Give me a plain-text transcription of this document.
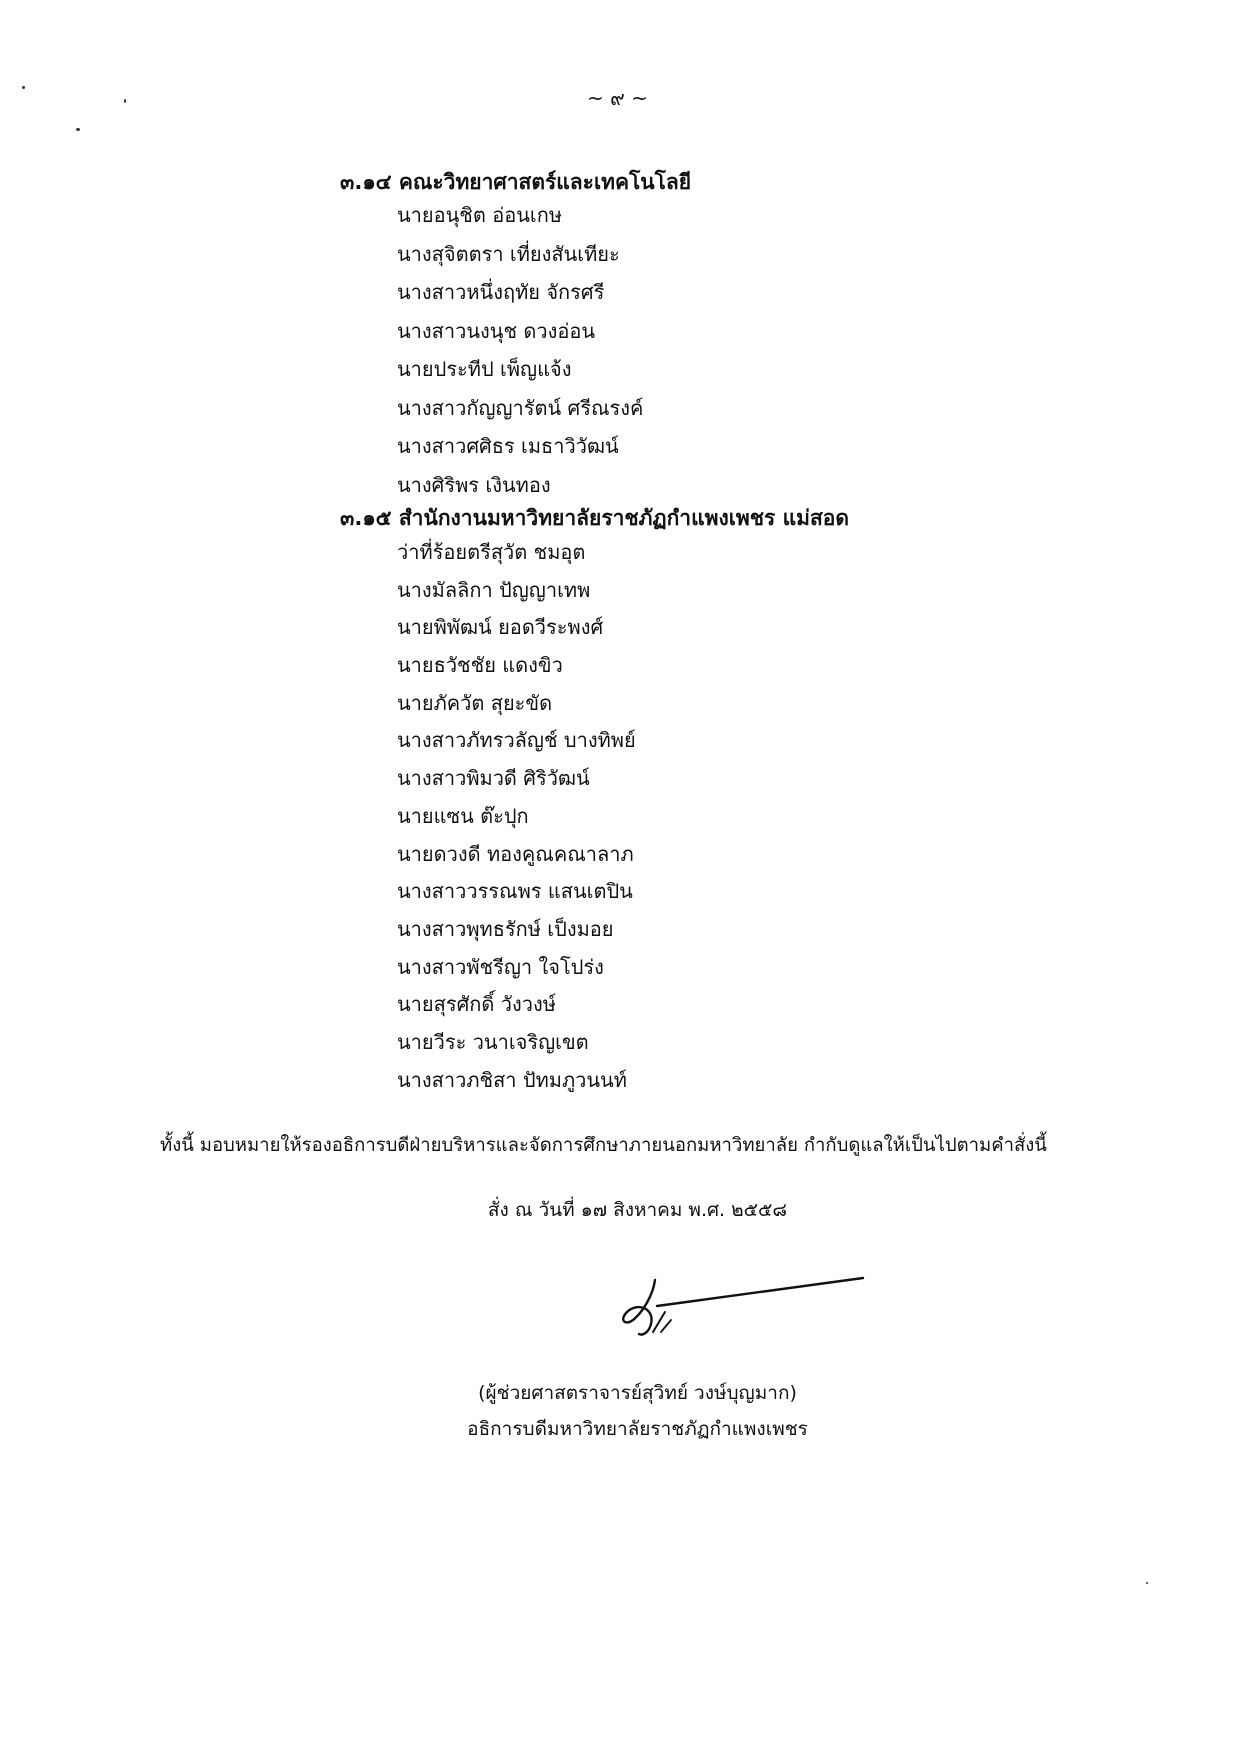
~ ๙ ~
๓.๑๔ คณะวิทยาศาสตร์และเทคโนโลยี
นายอนุชิต อ่อนเกษ
นางสุจิตตรา เที่ยงสันเทียะ
นางสาวหนึ่งฤทัย จักรศรี
นางสาวนงนุช ดวงอ่อน
นายประทีป เพ็ญแจ้ง
นางสาวกัญญารัตน์ ศรีณรงค์
นางสาวศศิธร เมธาวิวัฒน์
นางศิริพร เงินทอง
๓.๑๕ สำนักงานมหาวิทยาลัยราชภัฏกำแพงเพชร แม่สอด
ว่าที่ร้อยตรีสุวัต ชมอุต
นางมัลลิกา ปัญญาเทพ
นายพิพัฒน์ ยอดวีระพงศ์
นายธวัชชัย แดงขิว
นายภัควัต สุยะขัด
นางสาวภัทรวลัญช์ บางทิพย์
นางสาวพิมวดี ศิริวัฒน์
นายแซน ต๊ะปุก
นายดวงดี ทองคูณคณาลาภ
นางสาววรรณพร แสนเตปิน
นางสาวพุทธรักษ์ เป็งมอย
นางสาวพัชรีญา ใจโปร่ง
นายสุรศักดิ์ วังวงษ์
นายวีระ วนาเจริญเขต
นางสาวภชิสา ปัทมภูวนนท์
ทั้งนี้ มอบหมายให้รองอธิการบดีฝ่ายบริหารและจัดการศึกษาภายนอกมหาวิทยาลัย กำกับดูแลให้เป็นไปตามคำสั่งนี้
สั่ง ณ วันที่ ๑๗ สิงหาคม พ.ศ. ๒๕๕๘
(ผู้ช่วยศาสตราจารย์สุวิทย์ วงษ์บุญมาก)
อธิการบดีมหาวิทยาลัยราชภัฏกำแพงเพชร
